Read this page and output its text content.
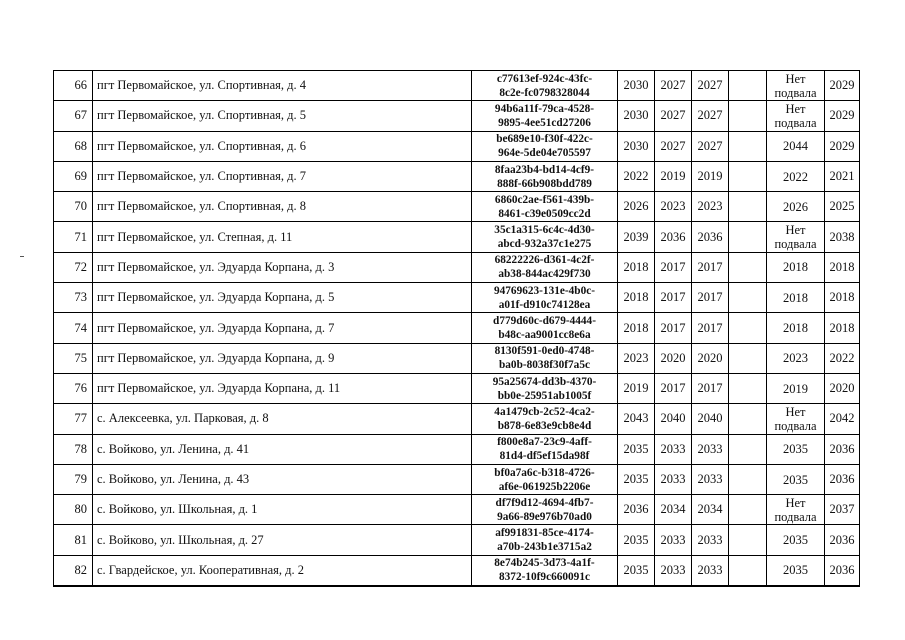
66	пгт Первомайское, ул. Спортивная, д. 4	c77613ef-924c-43fc-
8c2e-fc0798328044	2030	2027	2027		Нет
подвала	2029
67	пгт Первомайское, ул. Спортивная, д. 5	94b6a11f-79ca-4528-
9895-4ee51cd27206	2030	2027	2027		Нет
подвала	2029
68	пгт Первомайское, ул. Спортивная, д. 6	be689e10-f30f-422c-
964e-5de04e705597	2030	2027	2027		2044	2029
69	пгт Первомайское, ул. Спортивная, д. 7	8faa23b4-bd14-4cf9-
888f-66b908bdd789	2022	2019	2019		2022	2021
70	пгт Первомайское, ул. Спортивная, д. 8	6860c2ae-f561-439b-
8461-c39e0509cc2d	2026	2023	2023		2026	2025
71	пгт Первомайское, ул. Степная, д. 11	35c1a315-6c4c-4d30-
abcd-932a37c1e275	2039	2036	2036		Нет
подвала	2038
72	пгт Первомайское, ул. Эдуарда Корпана, д. 3	68222226-d361-4c2f-
ab38-844ac429f730	2018	2017	2017		2018	2018
73	пгт Первомайское, ул. Эдуарда Корпана, д. 5	94769623-131e-4b0c-
a01f-d910c74128ea	2018	2017	2017		2018	2018
74	пгт Первомайское, ул. Эдуарда Корпана, д. 7	d779d60c-d679-4444-
b48c-aa9001cc8e6a	2018	2017	2017		2018	2018
75	пгт Первомайское, ул. Эдуарда Корпана, д. 9	8130f591-0ed0-4748-
ba0b-8038f30f7a5c	2023	2020	2020		2023	2022
76	пгт Первомайское, ул. Эдуарда Корпана, д. 11	95a25674-dd3b-4370-
bb0e-25951ab1005f	2019	2017	2017		2019	2020
77	с. Алексеевка, ул. Парковая, д. 8	4a1479cb-2c52-4ca2-
b878-6e83e9cb8e4d	2043	2040	2040		Нет
подвала	2042
78	с. Войково, ул. Ленина, д. 41	f800e8a7-23c9-4aff-
81d4-df5ef15da98f	2035	2033	2033		2035	2036
79	с. Войково, ул. Ленина, д. 43	bf0a7a6c-b318-4726-
af6e-061925b2206e	2035	2033	2033		2035	2036
80	с. Войково, ул. Школьная, д. 1	df7f9d12-4694-4fb7-
9a66-89e976b70ad0	2036	2034	2034		Нет
подвала	2037
81	с. Войково, ул. Школьная, д. 27	af991831-85ce-4174-
a70b-243b1e3715a2	2035	2033	2033		2035	2036
82	с. Гвардейское, ул. Кооперативная, д. 2	8e74b245-3d73-4a1f-
8372-10f9c660091c	2035	2033	2033		2035	2036
